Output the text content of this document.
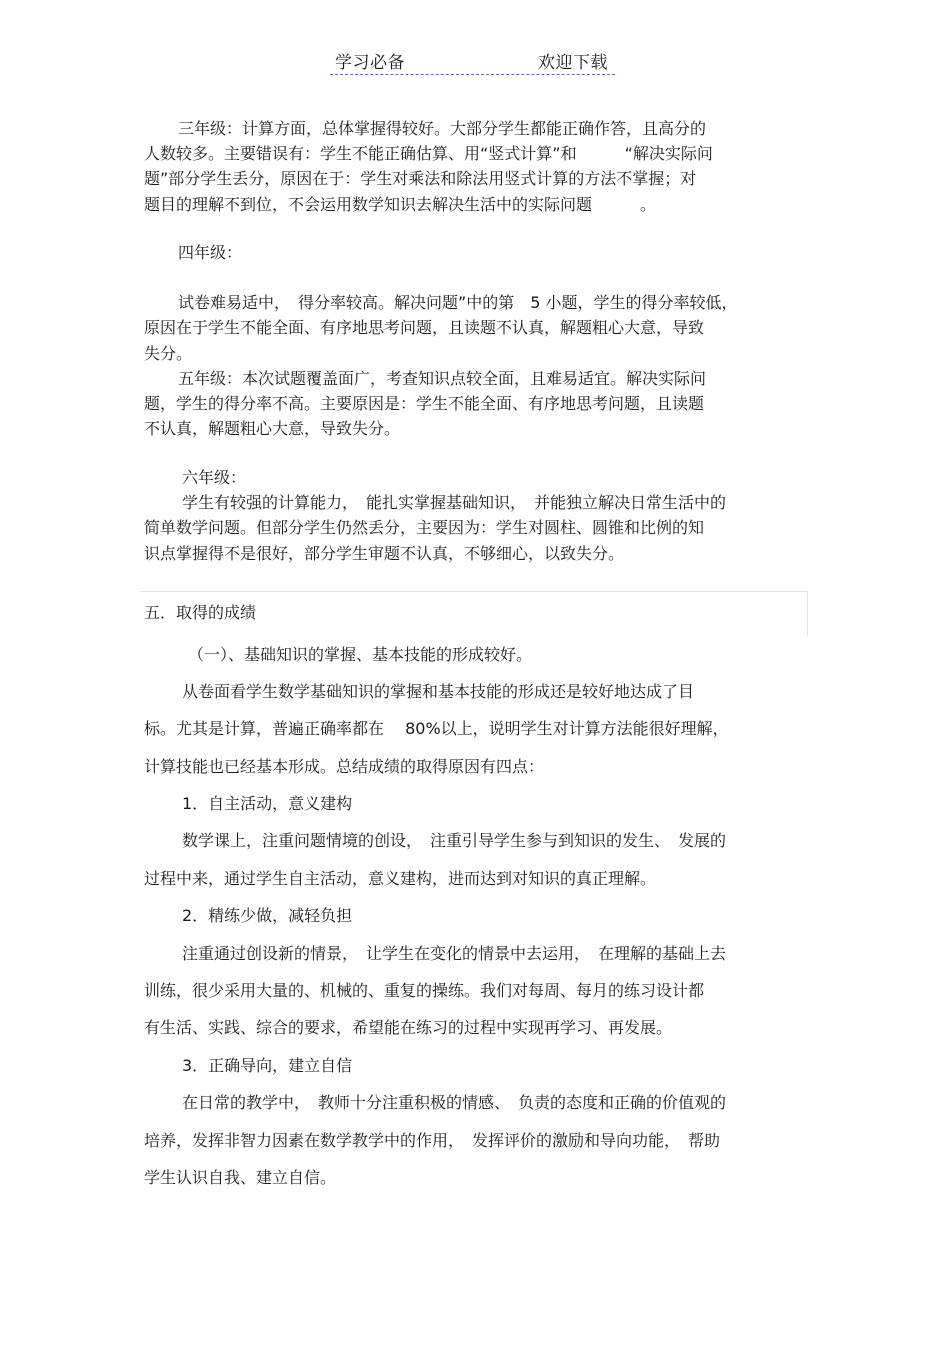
学习必备	欢迎下载
三年级：计算方面，总体掌握得较好。大部分学生都能正确作答，且高分的
人数较多。主要错误有：学生不能正确估算、用“竖式计算”和　　　“解决实际问
题”部分学生丢分，原因在于：学生对乘法和除法用竖式计算的方法不掌握；对
题目的理解不到位，不会运用数学知识去解决生活中的实际问题　　　。
四年级：
试卷难易适中，　得分率较高。解决问题”中的第　5 小题，学生的得分率较低，
原因在于学生不能全面、有序地思考问题，且读题不认真，解题粗心大意，导致
失分。
五年级：本次试题覆盖面广，考查知识点较全面，且难易适宜。解决实际问
题，学生的得分率不高。主要原因是：学生不能全面、有序地思考问题，且读题
不认真，解题粗心大意，导致失分。
六年级：
学生有较强的计算能力，　能扎实掌握基础知识，　并能独立解决日常生活中的
简单数学问题。但部分学生仍然丢分，主要因为：学生对圆柱、圆锥和比例的知
识点掌握得不是很好，部分学生审题不认真，不够细心，以致失分。
五．取得的成绩
（一）、基础知识的掌握、基本技能的形成较好。
从卷面看学生数学基础知识的掌握和基本技能的形成还是较好地达成了目
标。尤其是计算，普遍正确率都在　 80%以上，说明学生对计算方法能很好理解，
计算技能也已经基本形成。总结成绩的取得原因有四点：
1．自主活动，意义建构
数学课上，注重问题情境的创设，　注重引导学生参与到知识的发生、　发展的
过程中来，通过学生自主活动，意义建构，进而达到对知识的真正理解。
2．精练少做，减轻负担
注重通过创设新的情景，　让学生在变化的情景中去运用，　在理解的基础上去
训练，很少采用大量的、机械的、重复的操练。我们对每周、每月的练习设计都
有生活、实践、综合的要求，希望能在练习的过程中实现再学习、再发展。
3．正确导向，建立自信
在日常的教学中，　教师十分注重积极的情感、　负责的态度和正确的价值观的
培养，发挥非智力因素在数学教学中的作用，　发挥评价的激励和导向功能，　帮助
学生认识自我、建立自信。
